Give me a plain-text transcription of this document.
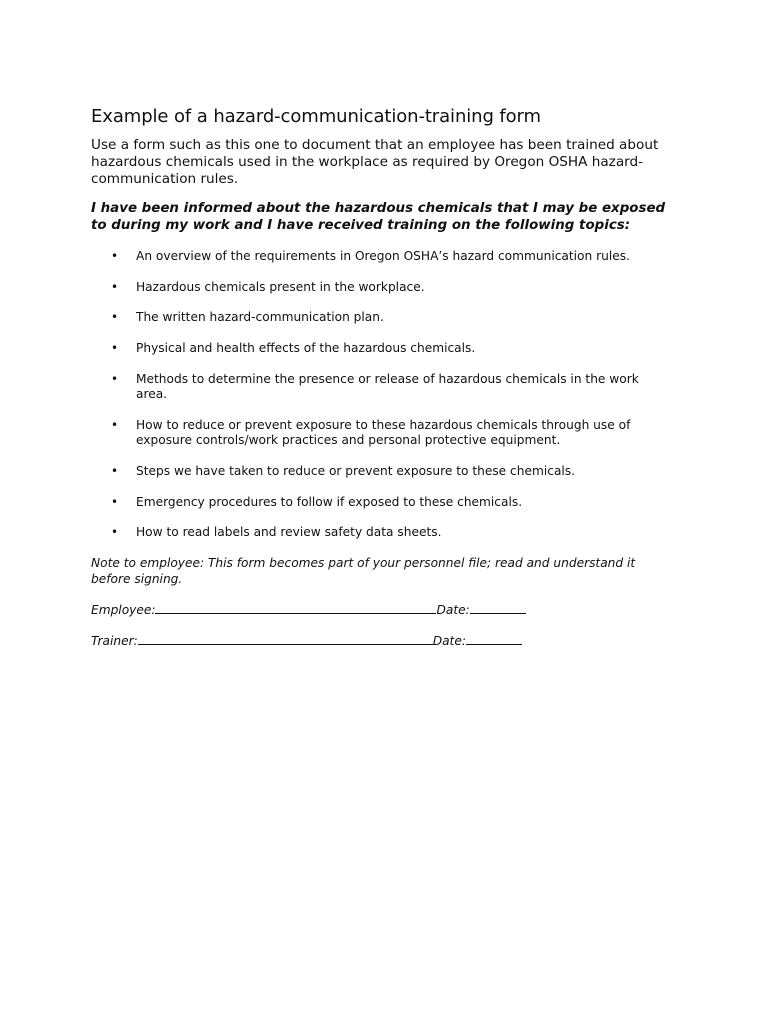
Example of a hazard-communication-training form

Use a form such as this one to document that an employee has been trained about hazardous chemicals used in the workplace as required by Oregon OSHA hazard-communication rules.

I have been informed about the hazardous chemicals that I may be exposed to during my work and I have received training on the following topics:

• An overview of the requirements in Oregon OSHA’s hazard communication rules.
• Hazardous chemicals present in the workplace.
• The written hazard-communication plan.
• Physical and health effects of the hazardous chemicals.
• Methods to determine the presence or release of hazardous chemicals in the work area.
• How to reduce or prevent exposure to these hazardous chemicals through use of exposure controls/work practices and personal protective equipment.
• Steps we have taken to reduce or prevent exposure to these chemicals.
• Emergency procedures to follow if exposed to these chemicals.
• How to read labels and review safety data sheets.

Note to employee: This form becomes part of your personnel file; read and understand it before signing.

Employee:	Date:
Trainer:	Date:
